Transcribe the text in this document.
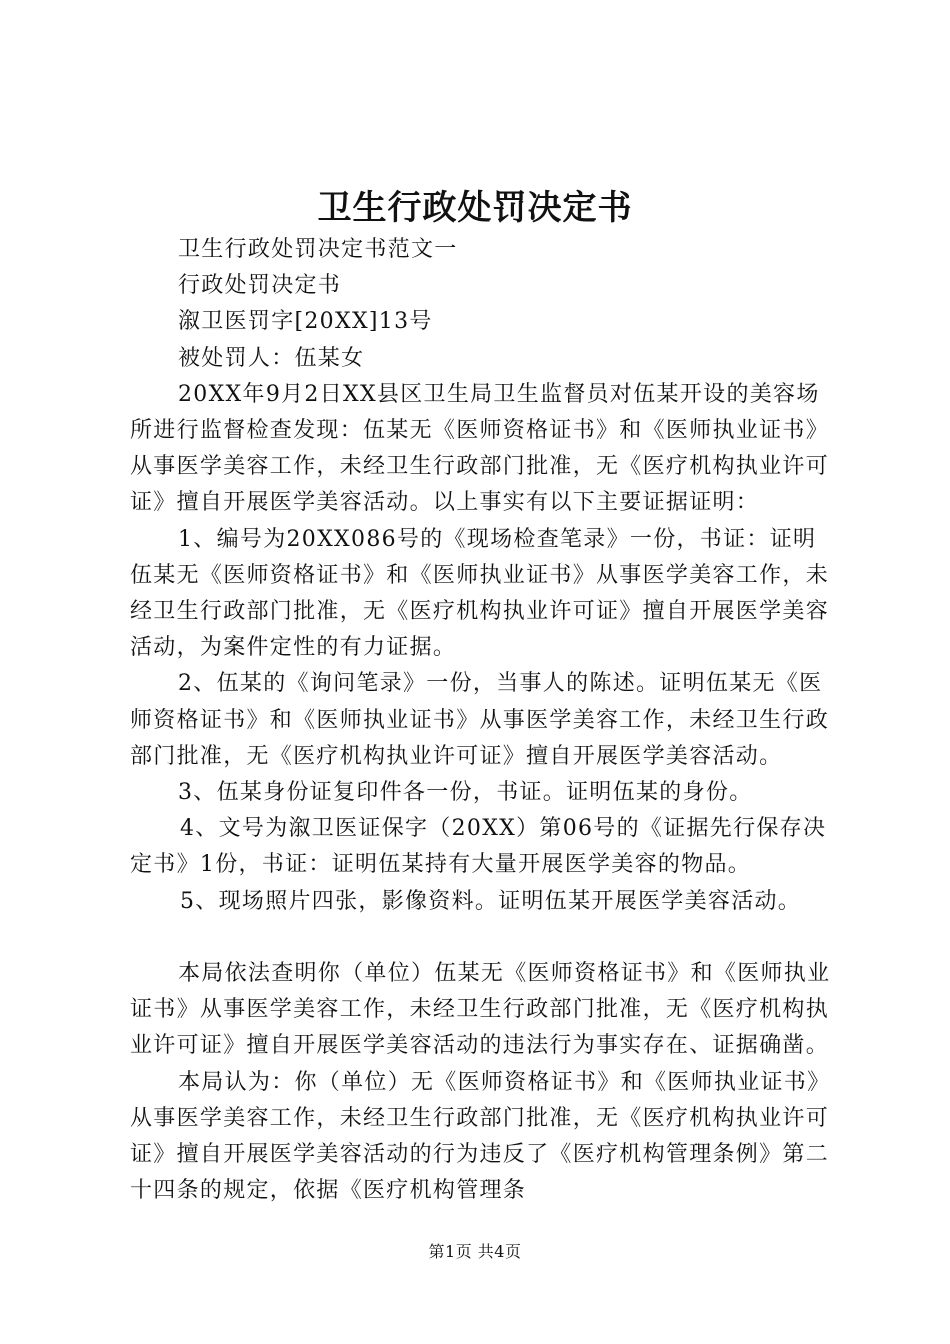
卫生行政处罚决定书

卫生行政处罚决定书范文一

行政处罚决定书

溆卫医罚字[20XX]13号

被处罚人：伍某女

20XX年9月2日XX县区卫生局卫生监督员对伍某开设的美容场所进行监督检查发现：伍某无《医师资格证书》和《医师执业证书》从事医学美容工作，未经卫生行政部门批准，无《医疗机构执业许可证》擅自开展医学美容活动。以上事实有以下主要证据证明：

1、编号为20XX086号的《现场检查笔录》一份，书证：证明伍某无《医师资格证书》和《医师执业证书》从事医学美容工作，未经卫生行政部门批准，无《医疗机构执业许可证》擅自开展医学美容活动，为案件定性的有力证据。

2、伍某的《询问笔录》一份，当事人的陈述。证明伍某无《医师资格证书》和《医师执业证书》从事医学美容工作，未经卫生行政部门批准，无《医疗机构执业许可证》擅自开展医学美容活动。

3、伍某身份证复印件各一份，书证。证明伍某的身份。

4、文号为溆卫医证保字（20XX）第06号的《证据先行保存决定书》1份，书证：证明伍某持有大量开展医学美容的物品。

5、现场照片四张，影像资料。证明伍某开展医学美容活动。

本局依法查明你（单位）伍某无《医师资格证书》和《医师执业证书》从事医学美容工作，未经卫生行政部门批准，无《医疗机构执业许可证》擅自开展医学美容活动的违法行为事实存在、证据确凿。

本局认为：你（单位）无《医师资格证书》和《医师执业证书》从事医学美容工作，未经卫生行政部门批准，无《医疗机构执业许可证》擅自开展医学美容活动的行为违反了《医疗机构管理条例》第二十四条的规定，依据《医疗机构管理条

第1页 共4页
